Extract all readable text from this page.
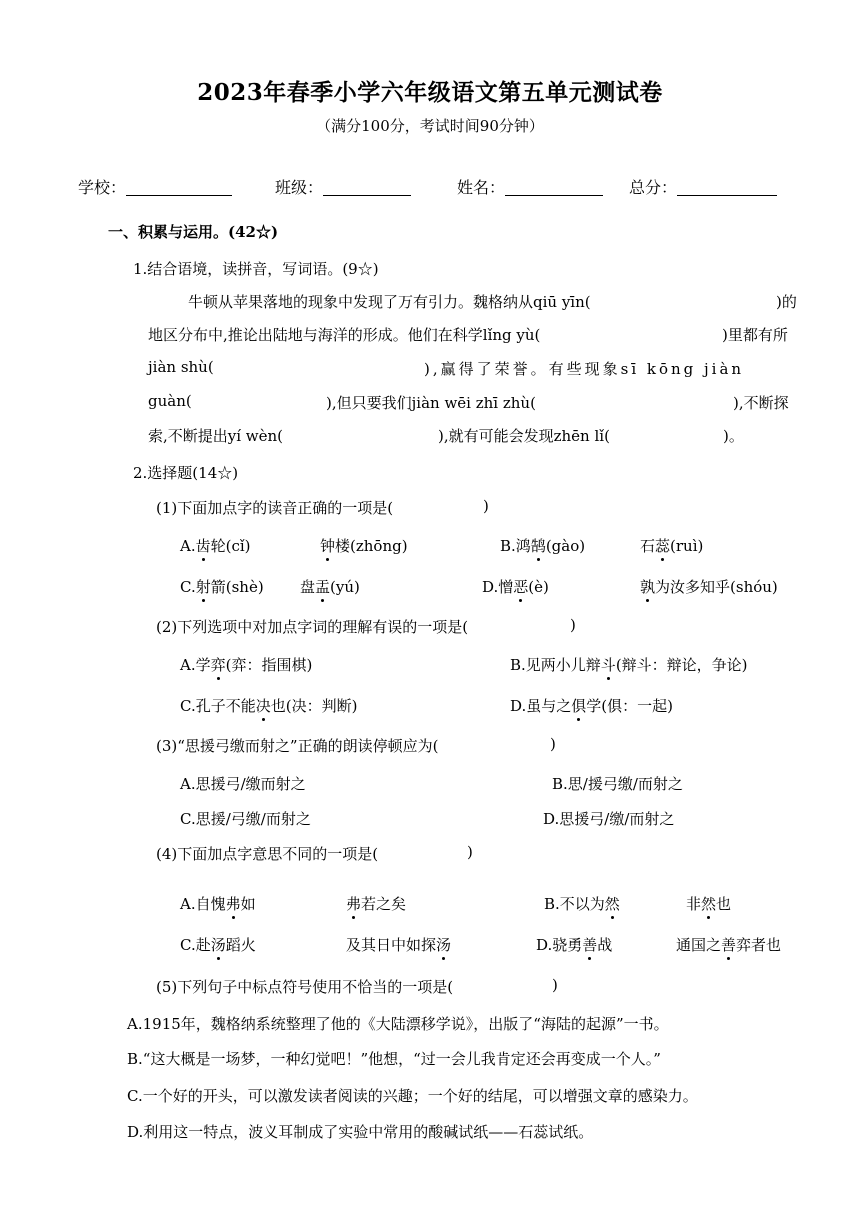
2023年春季小学六年级语文第五单元测试卷
（满分100分，考试时间90分钟）
学校：	班级：	姓名：	总分：
一、积累与运用。(42☆)
1.结合语境，读拼音，写词语。(9☆)
牛顿从苹果落地的现象中发现了万有引力。魏格纳从qiū yīn(	)的
地区分布中,推论出陆地与海洋的形成。他们在科学lǐng yù(	)里都有所
jiàn shù(	),赢得了荣誉。有些现象sī kōng jiàn
guàn(	),但只要我们jiàn wēi zhī zhù(	),不断探
索,不断提出yí wèn(	),就有可能会发现zhēn lǐ(	)。
2.选择题(14☆)
(1)下面加点字的读音正确的一项是(	)
A.齿轮(cǐ)	钟楼(zhōng)	B.鸿鹄(gào)	石蕊(ruì)
C.射箭(shè) 盘盂(yú)	D.憎恶(è)	孰为汝多知乎(shóu)
(2)下列选项中对加点字词的理解有误的一项是(	)
A.学弈(弈：指围棋)	B.见两小儿辩斗(辩斗：辩论，争论)
C.孔子不能决也(决：判断)	D.虽与之俱学(俱：一起)
(3)“思援弓缴而射之”正确的朗读停顿应为(	)
A.思援弓/缴而射之	B.思/援弓缴/而射之
C.思援/弓缴/而射之	D.思援弓/缴/而射之
(4)下面加点字意思不同的一项是(	)
A.自愧弗如	弗若之矣	B.不以为然	非然也
C.赴汤蹈火	及其日中如探汤	D.骁勇善战	通国之善弈者也
(5)下列句子中标点符号使用不恰当的一项是(	)
A.1915年，魏格纳系统整理了他的《大陆漂移学说》，出版了“海陆的起源”一书。
B.“这大概是一场梦，一种幻觉吧！”他想，“过一会儿我肯定还会再变成一个人。”
C.一个好的开头，可以激发读者阅读的兴趣；一个好的结尾，可以增强文章的感染力。
D.利用这一特点，波义耳制成了实验中常用的酸碱试纸——石蕊试纸。
